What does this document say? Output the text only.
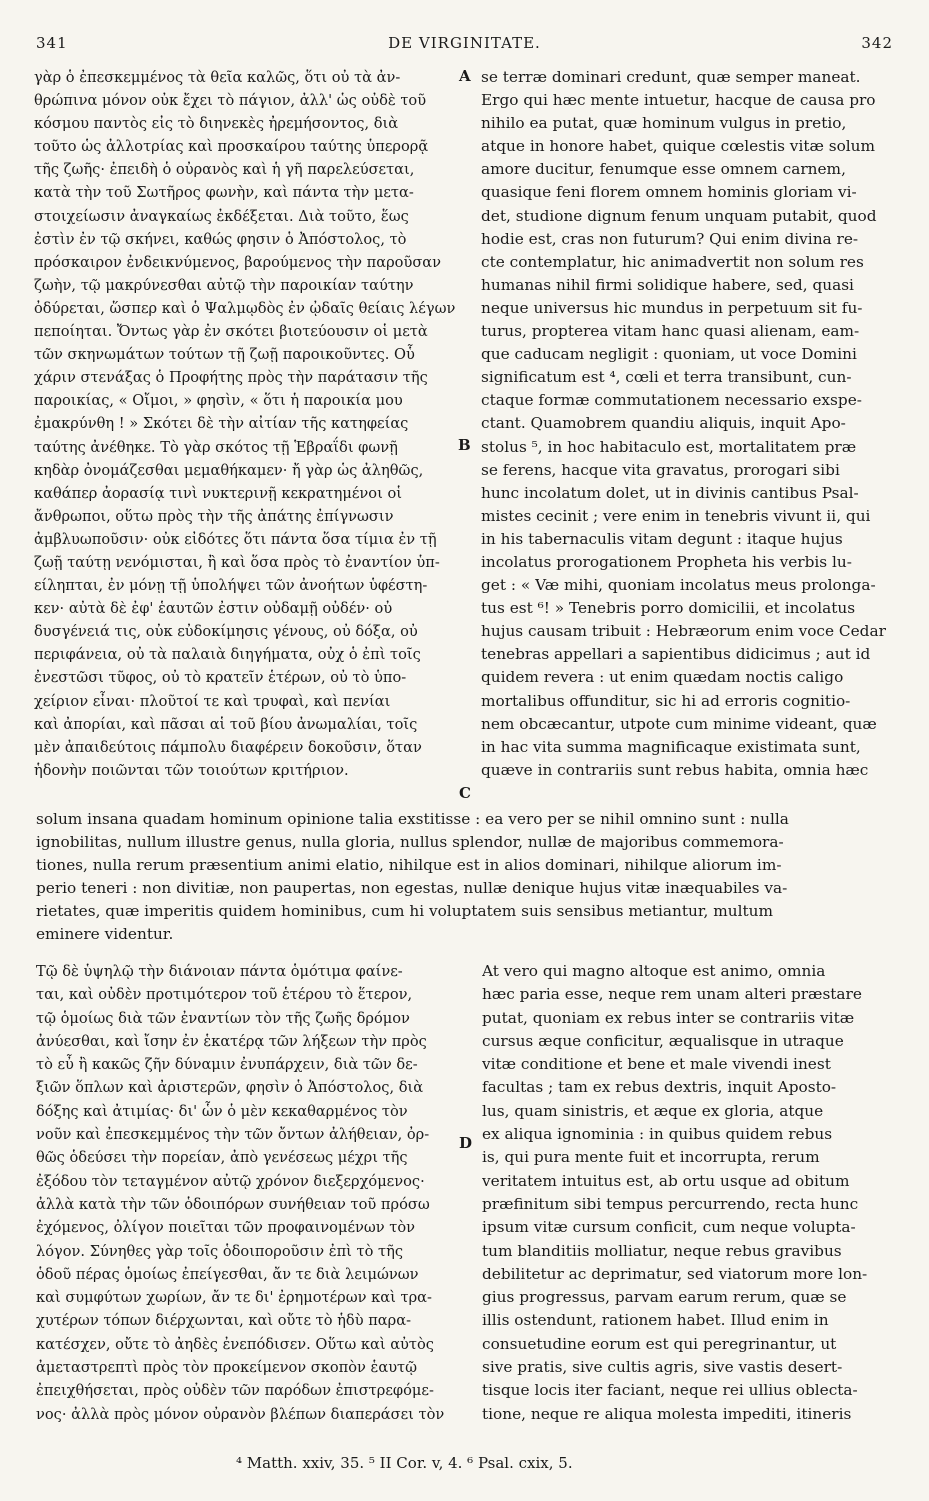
341	DE VIRGINITATE.	342
γὰρ ὁ ἐπεσκεμμένος τὰ θεῖα καλῶς, ὅτι οὐ τὰ ἀν-
θρώπινα μόνον οὐκ ἔχει τὸ πάγιον, ἀλλ' ὡς οὐδὲ τοῦ
κόσμου παντὸς εἰς τὸ διηνεκὲς ἠρεμήσοντος, διὰ
τοῦτο ὡς ἀλλοτρίας καὶ προσκαίρου ταύτης ὑπερορᾷ
τῆς ζωῆς· ἐπειδὴ ὁ οὐρανὸς καὶ ἡ γῆ παρελεύσεται,
κατὰ τὴν τοῦ Σωτῆρος φωνὴν, καὶ πάντα τὴν μετα-
στοιχείωσιν ἀναγκαίως ἐκδέξεται. Διὰ τοῦτο, ἕως
ἐστὶν ἐν τῷ σκήνει, καθώς φησιν ὁ Ἀπόστολος, τὸ
πρόσκαιρον ἐνδεικνύμενος, βαρούμενος τὴν παροῦσαν
ζωὴν, τῷ μακρύνεσθαι αὐτῷ τὴν παροικίαν ταύτην
ὀδύρεται, ὥσπερ καὶ ὁ Ψαλμῳδὸς ἐν ᾠδαῖς θείαις λέγων
πεποίηται. Ὄντως γὰρ ἐν σκότει βιοτεύουσιν οἱ μετὰ
τῶν σκηνωμάτων τούτων τῇ ζωῇ παροικοῦντες. Οὗ
χάριν στενάξας ὁ Προφήτης πρὸς τὴν παράτασιν τῆς
παροικίας, « Οἴμοι, » φησὶν, « ὅτι ἡ παροικία μου
ἐμακρύνθη ! » Σκότει δὲ τὴν αἰτίαν τῆς κατηφείας
ταύτης ἀνέθηκε. Τὸ γὰρ σκότος τῇ Ἑβραΐδι φωνῇ
κηδὰρ ὀνομάζεσθαι μεμαθήκαμεν· ἤ γὰρ ὡς ἀληθῶς,
καθάπερ ἀορασίᾳ τινὶ νυκτερινῇ κεκρατημένοι οἱ
ἄνθρωποι, οὕτω πρὸς τὴν τῆς ἀπάτης ἐπίγνωσιν
ἀμβλυωποῦσιν· οὐκ εἰδότες ὅτι πάντα ὅσα τίμια ἐν τῇ
ζωῇ ταύτῃ νενόμισται, ἢ καὶ ὅσα πρὸς τὸ ἐναντίον ὑπ-
είληπται, ἐν μόνῃ τῇ ὑπολήψει τῶν ἀνοήτων ὑφέστη-
κεν· αὐτὰ δὲ ἐφ' ἑαυτῶν ἐστιν οὐδαμῇ οὐδέν· οὐ
δυσγένειά τις, οὐκ εὐδοκίμησις γένους, οὐ δόξα, οὐ
περιφάνεια, οὐ τὰ παλαιὰ διηγήματα, οὐχ ὁ ἐπὶ τοῖς
ἐνεστῶσι τῦφος, οὐ τὸ κρατεῖν ἑτέρων, οὐ τὸ ὑπο-
χείριον εἶναι· πλοῦτοί τε καὶ τρυφαὶ, καὶ πενίαι
καὶ ἀπορίαι, καὶ πᾶσαι αἱ τοῦ βίου ἀνωμαλίαι, τοῖς
μὲν ἀπαιδεύτοις πάμπολυ διαφέρειν δοκοῦσιν, ὅταν
ἡδονὴν ποιῶνται τῶν τοιούτων κριτήριον.
se terræ dominari credunt, quæ semper maneat.
Ergo qui hæc mente intuetur, hacque de causa pro
nihilo ea putat, quæ hominum vulgus in pretio,
atque in honore habet, quique cœlestis vitæ solum
amore ducitur, fenumque esse omnem carnem,
quasique feni florem omnem hominis gloriam vi-
det, studione dignum fenum unquam putabit, quod
hodie est, cras non futurum? Qui enim divina re-
cte contemplatur, hic animadvertit non solum res
humanas nihil firmi solidique habere, sed, quasi
neque universus hic mundus in perpetuum sit fu-
turus, propterea vitam hanc quasi alienam, eam-
que caducam negligit : quoniam, ut voce Domini
significatum est ⁴, cœli et terra transibunt, cun-
ctaque formæ commutationem necessario exspe-
ctant. Quamobrem quandiu aliquis, inquit Apo-
stolus ⁵, in hoc habitaculo est, mortalitatem præ
se ferens, hacque vita gravatus, prorogari sibi
hunc incolatum dolet, ut in divinis cantibus Psal-
mistes cecinit ; vere enim in tenebris vivunt ii, qui
in his tabernaculis vitam degunt : itaque hujus
incolatus prorogationem Propheta his verbis lu-
get : « Væ mihi, quoniam incolatus meus prolonga-
tus est ⁶! » Tenebris porro domicilii, et incolatus
hujus causam tribuit : Hebræorum enim voce Cedar
tenebras appellari a sapientibus didicimus ; aut id
quidem revera : ut enim quædam noctis caligo
mortalibus offunditur, sic hi ad erroris cognitio-
nem obcæcantur, utpote cum minime videant, quæ
in hac vita summa magnificaque existimata sunt,
quæve in contrariis sunt rebus habita, omnia hæc
A
B
C
D
solum insana quadam hominum opinione talia exstitisse : ea vero per se nihil omnino sunt : nulla
ignobilitas, nullum illustre genus, nulla gloria, nullus splendor, nullæ de majoribus commemora-
tiones, nulla rerum præsentium animi elatio, nihilque est in alios dominari, nihilque aliorum im-
perio teneri : non divitiæ, non paupertas, non egestas, nullæ denique hujus vitæ inæquabiles va-
rietates, quæ imperitis quidem hominibus, cum hi voluptatem suis sensibus metiantur, multum
eminere videntur.
Τῷ δὲ ὑψηλῷ τὴν διάνοιαν πάντα ὁμότιμα φαίνε-
ται, καὶ οὐδὲν προτιμότερον τοῦ ἑτέρου τὸ ἕτερον,
τῷ ὁμοίως διὰ τῶν ἐναντίων τὸν τῆς ζωῆς δρόμον
ἀνύεσθαι, καὶ ἴσην ἐν ἑκατέρᾳ τῶν λήξεων τὴν πρὸς
τὸ εὖ ἢ κακῶς ζῆν δύναμιν ἐνυπάρχειν, διὰ τῶν δε-
ξιῶν ὅπλων καὶ ἀριστερῶν, φησὶν ὁ Ἀπόστολος, διὰ
δόξης καὶ ἀτιμίας· δι' ὧν ὁ μὲν κεκαθαρμένος τὸν
νοῦν καὶ ἐπεσκεμμένος τὴν τῶν ὄντων ἀλήθειαν, ὀρ-
θῶς ὁδεύσει τὴν πορείαν, ἀπὸ γενέσεως μέχρι τῆς
ἐξόδου τὸν τεταγμένον αὐτῷ χρόνον διεξερχόμενος·
ἀλλὰ κατὰ τὴν τῶν ὁδοιπόρων συνήθειαν τοῦ πρόσω
ἐχόμενος, ὀλίγον ποιεῖται τῶν προφαινομένων τὸν
λόγον. Σύνηθες γὰρ τοῖς ὁδοιποροῦσιν ἐπὶ τὸ τῆς
ὁδοῦ πέρας ὁμοίως ἐπείγεσθαι, ἄν τε διὰ λειμώνων
καὶ συμφύτων χωρίων, ἄν τε δι' ἐρημοτέρων καὶ τρα-
χυτέρων τόπων διέρχωνται, καὶ οὔτε τὸ ἡδὺ παρα-
κατέσχεν, οὔτε τὸ ἀηδὲς ἐνεπόδισεν. Οὕτω καὶ αὐτὸς
ἀμεταστρεπτὶ πρὸς τὸν προκείμενον σκοπὸν ἑαυτῷ
ἐπειχθήσεται, πρὸς οὐδὲν τῶν παρόδων ἐπιστρεφόμε-
νος· ἀλλὰ πρὸς μόνον οὐρανὸν βλέπων διαπεράσει τὸν
At vero qui magno altoque est animo, omnia
hæc paria esse, neque rem unam alteri præstare
putat, quoniam ex rebus inter se contrariis vitæ
cursus æque conficitur, æqualisque in utraque
vitæ conditione et bene et male vivendi inest
facultas ; tam ex rebus dextris, inquit Aposto-
lus, quam sinistris, et æque ex gloria, atque
ex aliqua ignominia : in quibus quidem rebus
is, qui pura mente fuit et incorrupta, rerum
veritatem intuitus est, ab ortu usque ad obitum
præfinitum sibi tempus percurrendo, recta hunc
ipsum vitæ cursum conficit, cum neque volupta-
tum blanditiis molliatur, neque rebus gravibus
debilitetur ac deprimatur, sed viatorum more lon-
gius progressus, parvam earum rerum, quæ se
illis ostendunt, rationem habet. Illud enim in
consuetudine eorum est qui peregrinantur, ut
sive pratis, sive cultis agris, sive vastis desert-
tisque locis iter faciant, neque rei ullius oblecta-
tione, neque re aliqua molesta impediti, itineris
⁴ Matth. xxiv, 35. ⁵ II Cor. v, 4. ⁶ Psal. cxix, 5.
